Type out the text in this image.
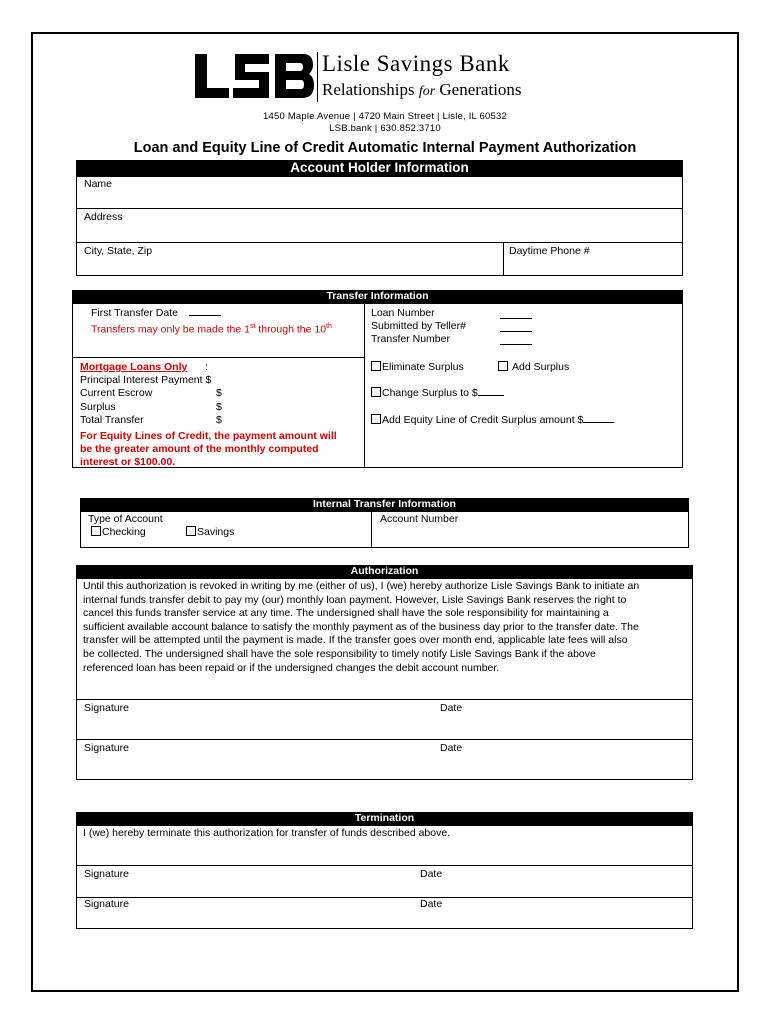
Lisle Savings Bank
Relationships for Generations
1450 Maple Avenue | 4720 Main Street | Lisle, IL 60532
LSB.bank | 630.852.3710
Loan and Equity Line of Credit Automatic Internal Payment Authorization
Account Holder Information
Name
Address
City, State, Zip	Daytime Phone #
Transfer Information
First Transfer Date
Transfers may only be made the 1st through the 10th
Loan Number
Submitted by Teller#
Transfer Number
Mortgage Loans Only :
Principal Interest Payment $
Current Escrow	$
Surplus	$
Total Transfer	$
For Equity Lines of Credit, the payment amount will
be the greater amount of the monthly computed
interest or $100.00.
Eliminate Surplus	Add Surplus
Change Surplus to $
Add Equity Line of Credit Surplus amount $
Internal Transfer Information
Type of Account
Checking	Savings
Account Number
Authorization
Until this authorization is revoked in writing by me (either of us), I (we) hereby authorize Lisle Savings Bank to initiate an
internal funds transfer debit to pay my (our) monthly loan payment. However, Lisle Savings Bank reserves the right to
cancel this funds transfer service at any time. The undersigned shall have the sole responsibility for maintaining a
sufficient available account balance to satisfy the monthly payment as of the business day prior to the transfer date. The
transfer will be attempted until the payment is made. If the transfer goes over month end, applicable late fees will also
be collected. The undersigned shall have the sole responsibility to timely notify Lisle Savings Bank if the above
referenced loan has been repaid or if the undersigned changes the debit account number.
Signature	Date
Signature	Date
Termination
I (we) hereby terminate this authorization for transfer of funds described above.
Signature	Date
Signature	Date
